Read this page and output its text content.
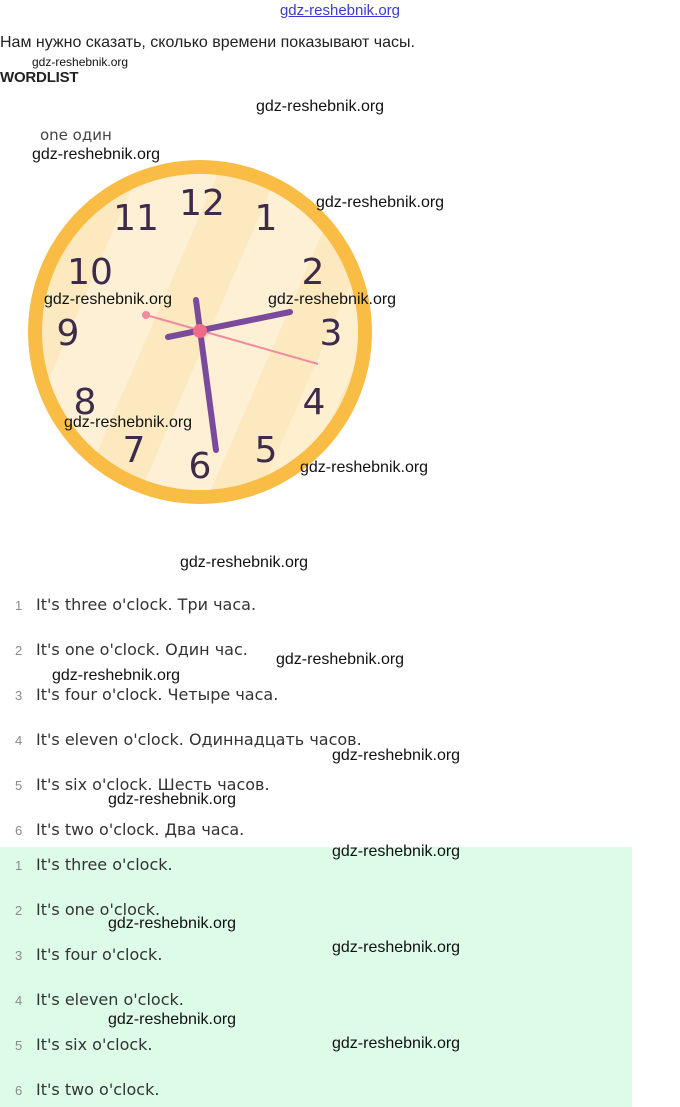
gdz-reshebnik.org
Нам нужно сказать, сколько времени показывают часы.
WORDLIST
one один
12 1
2
3
4
5
6
7
8
9
10
11
1 It's three o'clock. Три часа.
2 It's one o'clock. Один час.
3 It's four o'clock. Четыре часа.
4 It's eleven o'clock. Одиннадцать часов.
5 It's six o'clock. Шесть часов.
6 It's two o'clock. Два часа.
1 It's three o'clock.
2 It's one o'clock.
3 It's four o'clock.
4 It's eleven o'clock.
5 It's six o'clock.
6 It's two o'clock.
gdz-reshebnik.org
gdz-reshebnik.org
gdz-reshebnik.org
gdz-reshebnik.org
gdz-reshebnik.org	gdz-reshebnik.org
gdz-reshebnik.org
gdz-reshebnik.org
gdz-reshebnik.org
gdz-reshebnik.org
gdz-reshebnik.org
gdz-reshebnik.org
gdz-reshebnik.org
gdz-reshebnik.org
gdz-reshebnik.org
gdz-reshebnik.org
gdz-reshebnik.org
gdz-reshebnik.org
